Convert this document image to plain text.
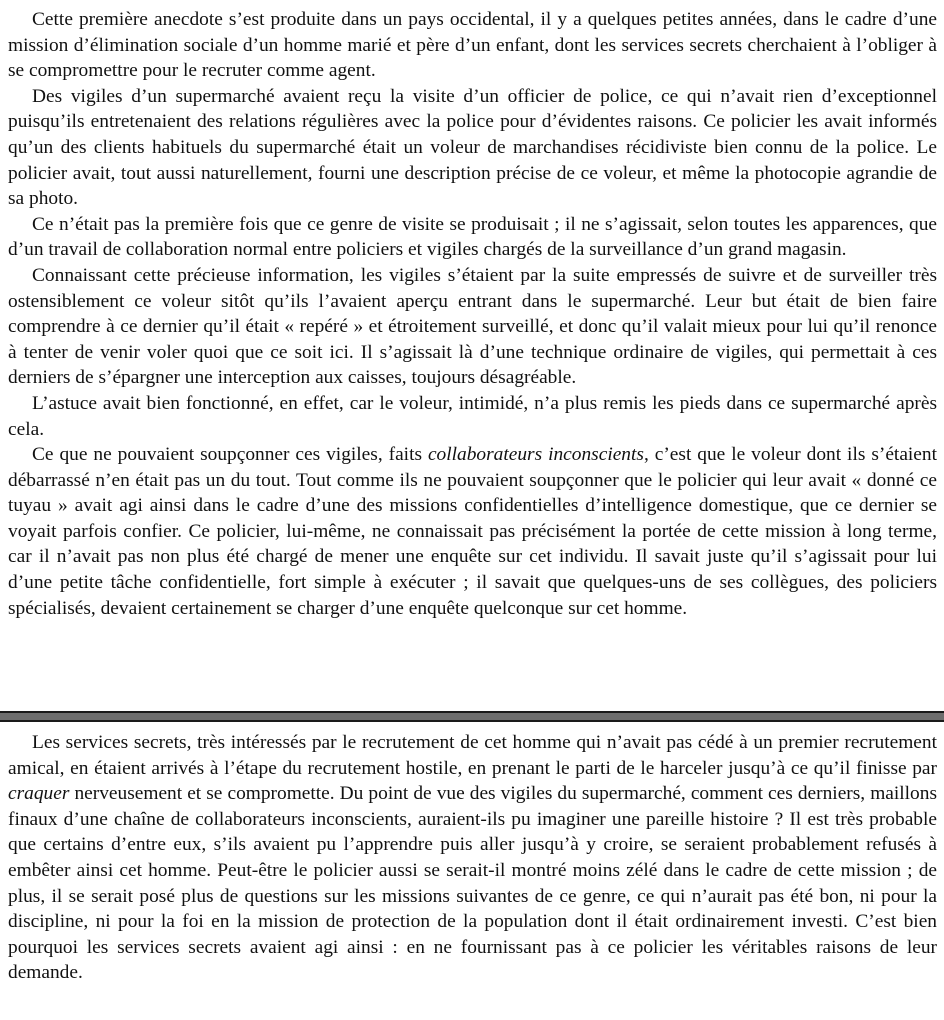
Cette première anecdote s’est produite dans un pays occidental, il y a quelques petites années, dans le cadre d’une mission d’élimination sociale d’un homme marié et père d’un enfant, dont les services secrets cherchaient à l’obliger à se compromettre pour le recruter comme agent.

Des vigiles d’un supermarché avaient reçu la visite d’un officier de police, ce qui n’avait rien d’exceptionnel puisqu’ils entretenaient des relations régulières avec la police pour d’évidentes raisons. Ce policier les avait informés qu’un des clients habituels du supermarché était un voleur de marchandises récidiviste bien connu de la police. Le policier avait, tout aussi naturellement, fourni une description précise de ce voleur, et même la photocopie agrandie de sa photo.

Ce n’était pas la première fois que ce genre de visite se produisait ; il ne s’agissait, selon toutes les apparences, que d’un travail de collaboration normal entre policiers et vigiles chargés de la surveillance d’un grand magasin.

Connaissant cette précieuse information, les vigiles s’étaient par la suite empressés de suivre et de surveiller très ostensiblement ce voleur sitôt qu’ils l’avaient aperçu entrant dans le supermarché. Leur but était de bien faire comprendre à ce dernier qu’il était « repéré » et étroitement surveillé, et donc qu’il valait mieux pour lui qu’il renonce à tenter de venir voler quoi que ce soit ici. Il s’agissait là d’une technique ordinaire de vigiles, qui permettait à ces derniers de s’épargner une interception aux caisses, toujours désagréable.

L’astuce avait bien fonctionné, en effet, car le voleur, intimidé, n’a plus remis les pieds dans ce supermarché après cela.

Ce que ne pouvaient soupçonner ces vigiles, faits collaborateurs inconscients, c’est que le voleur dont ils s’étaient débarrassé n’en était pas un du tout. Tout comme ils ne pouvaient soupçonner que le policier qui leur avait « donné ce tuyau » avait agi ainsi dans le cadre d’une des missions confidentielles d’intelligence domestique, que ce dernier se voyait parfois confier. Ce policier, lui-même, ne connaissait pas précisément la portée de cette mission à long terme, car il n’avait pas non plus été chargé de mener une enquête sur cet individu. Il savait juste qu’il s’agissait pour lui d’une petite tâche confidentielle, fort simple à exécuter ; il savait que quelques-uns de ses collègues, des policiers spécialisés, devaient certainement se charger d’une enquête quelconque sur cet homme.

Les services secrets, très intéressés par le recrutement de cet homme qui n’avait pas cédé à un premier recrutement amical, en étaient arrivés à l’étape du recrutement hostile, en prenant le parti de le harceler jusqu’à ce qu’il finisse par craquer nerveusement et se compromette. Du point de vue des vigiles du supermarché, comment ces derniers, maillons finaux d’une chaîne de collaborateurs inconscients, auraient-ils pu imaginer une pareille histoire ? Il est très probable que certains d’entre eux, s’ils avaient pu l’apprendre puis aller jusqu’à y croire, se seraient probablement refusés à embêter ainsi cet homme. Peut-être le policier aussi se serait-il montré moins zélé dans le cadre de cette mission ; de plus, il se serait posé plus de questions sur les missions suivantes de ce genre, ce qui n’aurait pas été bon, ni pour la discipline, ni pour la foi en la mission de protection de la population dont il était ordinairement investi. C’est bien pourquoi les services secrets avaient agi ainsi : en ne fournissant pas à ce policier les véritables raisons de leur demande.
